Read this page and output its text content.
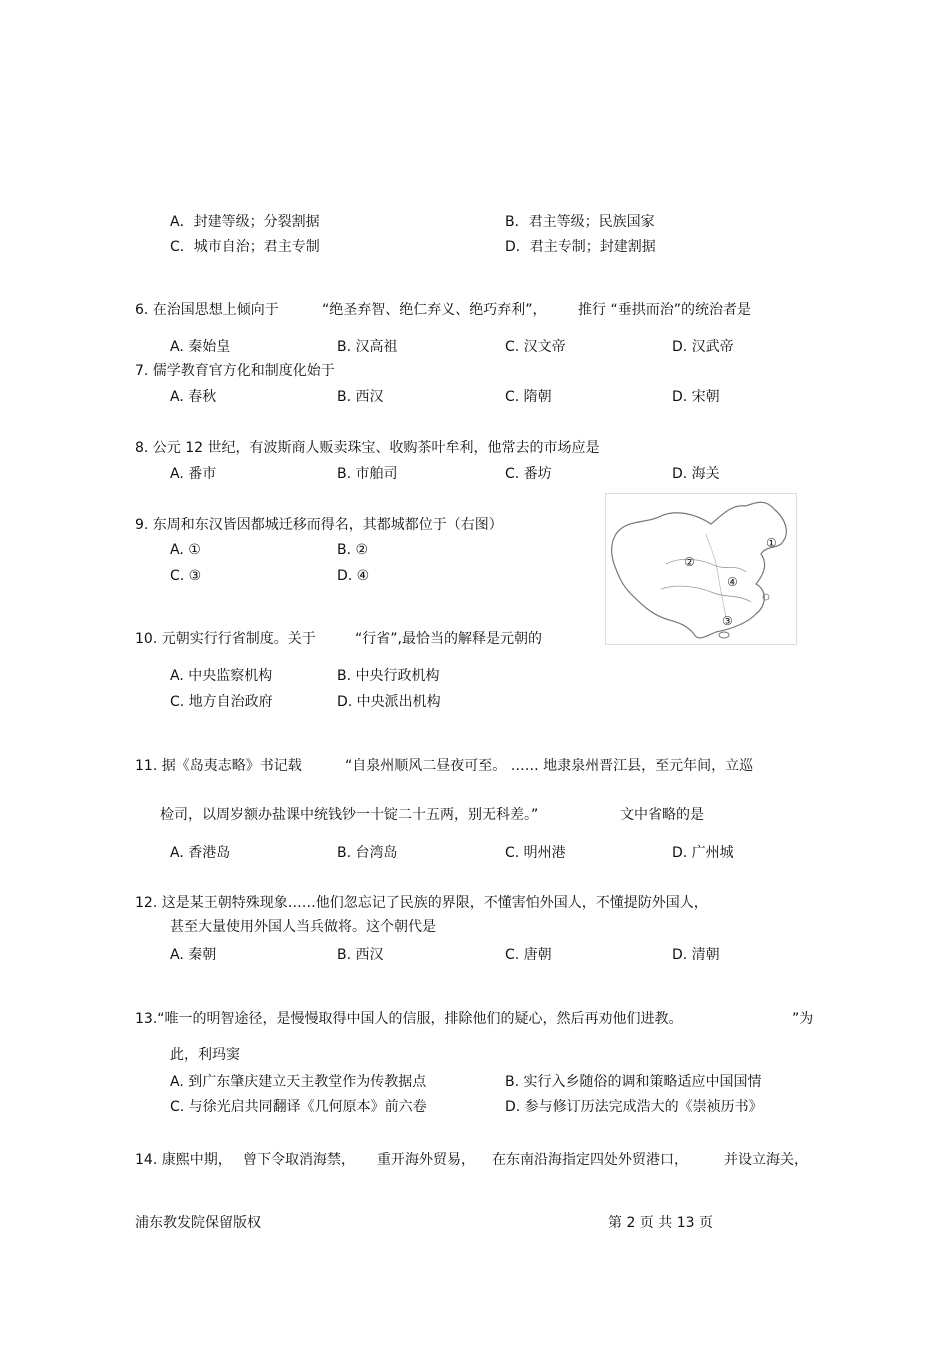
A．封建等级；分裂割据	B．君主等级；民族国家
C．城市自治；君主专制	D．君主专制；封建割据
6. 在治国思想上倾向于	“绝圣弃智、绝仁弃义、绝巧弃利”， 推行 “垂拱而治”的统治者是
A. 秦始皇	B. 汉高祖	C. 汉文帝	D. 汉武帝
7. 儒学教育官方化和制度化始于
A. 春秋	B. 西汉	C. 隋朝	D. 宋朝
8. 公元 12 世纪，有波斯商人贩卖珠宝、收购茶叶牟利，他常去的市场应是
A. 番市	B. 市舶司	C. 番坊	D. 海关
9. 东周和东汉皆因都城迁移而得名，其都城都位于（右图）
A. ①	B. ②
C. ③	D. ④
①
②
③
④
10. 元朝实行行省制度。关于	“行省”,最恰当的解释是元朝的
A. 中央监察机构	B. 中央行政机构
C. 地方自治政府	D. 中央派出机构
11. 据《岛夷志略》书记载	“自泉州顺风二昼夜可至。 …… 地隶泉州晋江县，至元年间，立巡
检司，以周岁额办盐课中统钱钞一十锭二十五两，别无科差。”	文中省略的是
A. 香港岛	B. 台湾岛	C. 明州港	D. 广州城
12. 这是某王朝特殊现象……他们忽忘记了民族的界限，不懂害怕外国人，不懂提防外国人，
甚至大量使用外国人当兵做将。这个朝代是
A. 秦朝	B. 西汉	C. 唐朝	D. 清朝
13.“唯一的明智途径，是慢慢取得中国人的信服，排除他们的疑心，然后再劝他们进教。	”为
此，利玛窦
A. 到广东肇庆建立天主教堂作为传教据点	B. 实行入乡随俗的调和策略适应中国国情
C. 与徐光启共同翻译《几何原本》前六卷	D. 参与修订历法完成浩大的《崇祯历书》
14. 康熙中期， 曾下令取消海禁， 重开海外贸易， 在东南沿海指定四处外贸港口，	并设立海关，
浦东教发院保留版权	第 2 页 共 13 页
